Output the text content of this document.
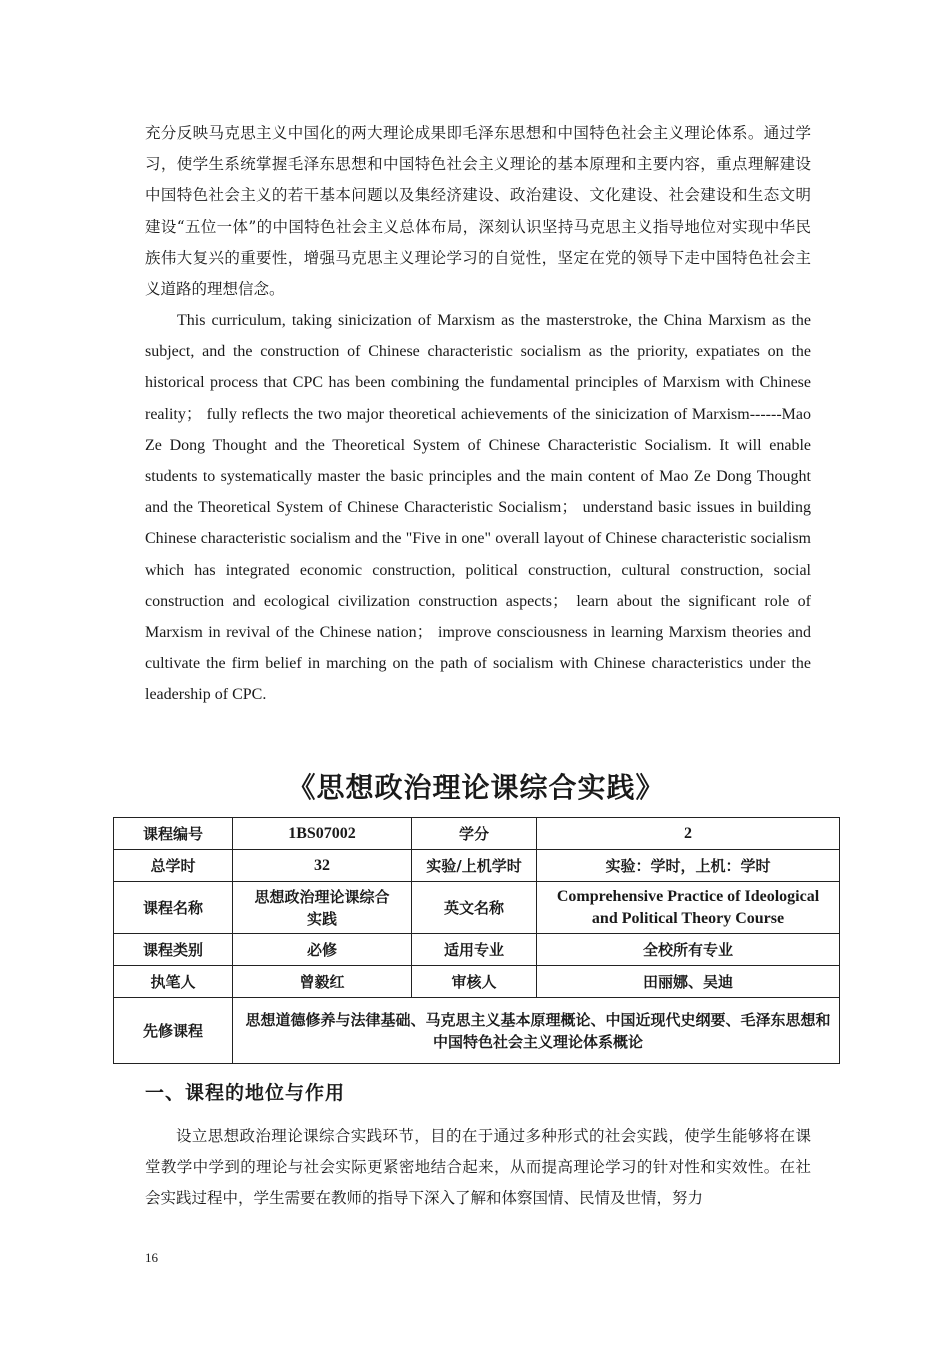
充分反映马克思主义中国化的两大理论成果即毛泽东思想和中国特色社会主义理论体系。通过学习，使学生系统掌握毛泽东思想和中国特色社会主义理论的基本原理和主要内容，重点理解建设中国特色社会主义的若干基本问题以及集经济建设、政治建设、文化建设、社会建设和生态文明建设“五位一体”的中国特色社会主义总体布局，深刻认识坚持马克思主义指导地位对实现中华民族伟大复兴的重要性，增强马克思主义理论学习的自觉性，坚定在党的领导下走中国特色社会主义道路的理想信念。
This curriculum, taking sinicization of Marxism as the masterstroke, the China Marxism as the subject, and the construction of Chinese characteristic socialism as the priority, expatiates on the historical process that CPC has been combining the fundamental principles of Marxism with Chinese reality； fully reflects the two major theoretical achievements of the sinicization of Marxism------Mao Ze Dong Thought and the Theoretical System of Chinese Characteristic Socialism. It will enable students to systematically master the basic principles and the main content of Mao Ze Dong Thought and the Theoretical System of Chinese Characteristic Socialism； understand basic issues in building Chinese characteristic socialism and the "Five in one" overall layout of Chinese characteristic socialism which has integrated economic construction, political construction, cultural construction, social construction and ecological civilization construction aspects； learn about the significant role of Marxism in revival of the Chinese nation； improve consciousness in learning Marxism theories and cultivate the firm belief in marching on the path of socialism with Chinese characteristics under the leadership of CPC.
《思想政治理论课综合实践》
课程编号	1BS07002	学分	2
总学时	32	实验/上机学时	实验：学时，上机：学时
课程名称	思想政治理论课综合实践	英文名称	Comprehensive Practice of Ideological and Political Theory Course
课程类别	必修	适用专业	全校所有专业
执笔人	曾毅红	审核人	田丽娜、吴迪
先修课程	思想道德修养与法律基础、马克思主义基本原理概论、中国近现代史纲要、毛泽东思想和中国特色社会主义理论体系概论		
一、课程的地位与作用
设立思想政治理论课综合实践环节，目的在于通过多种形式的社会实践，使学生能够将在课堂教学中学到的理论与社会实际更紧密地结合起来，从而提高理论学习的针对性和实效性。在社会实践过程中，学生需要在教师的指导下深入了解和体察国情、民情及世情，努力
16
